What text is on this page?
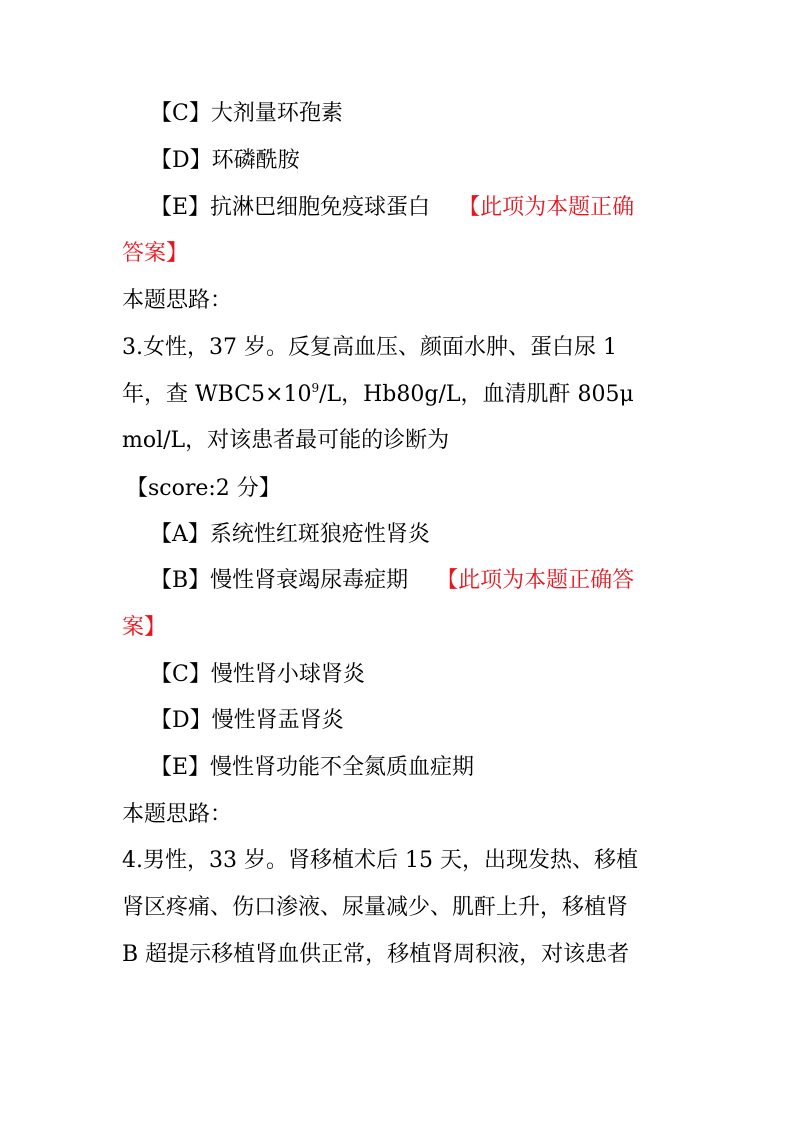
【C】大剂量环孢素
【D】环磷酰胺
【E】抗淋巴细胞免疫球蛋白 【此项为本题正确
答案】
本题思路：
3.女性，37 岁。反复高血压、颜面水肿、蛋白尿 1
年，查 $WBC5\times 10^9/L$，Hb80g/L，血清肌酐 805μ
mol/L，对该患者最可能的诊断为
【score:2 分】
【A】系统性红斑狼疮性肾炎
【B】慢性肾衰竭尿毒症期 【此项为本题正确答
案】
【C】慢性肾小球肾炎
【D】慢性肾盂肾炎
【E】慢性肾功能不全氮质血症期
本题思路：
4.男性，33 岁。肾移植术后 15 天，出现发热、移植
肾区疼痛、伤口渗液、尿量减少、肌酐上升，移植肾
B 超提示移植肾血供正常，移植肾周积液，对该患者
